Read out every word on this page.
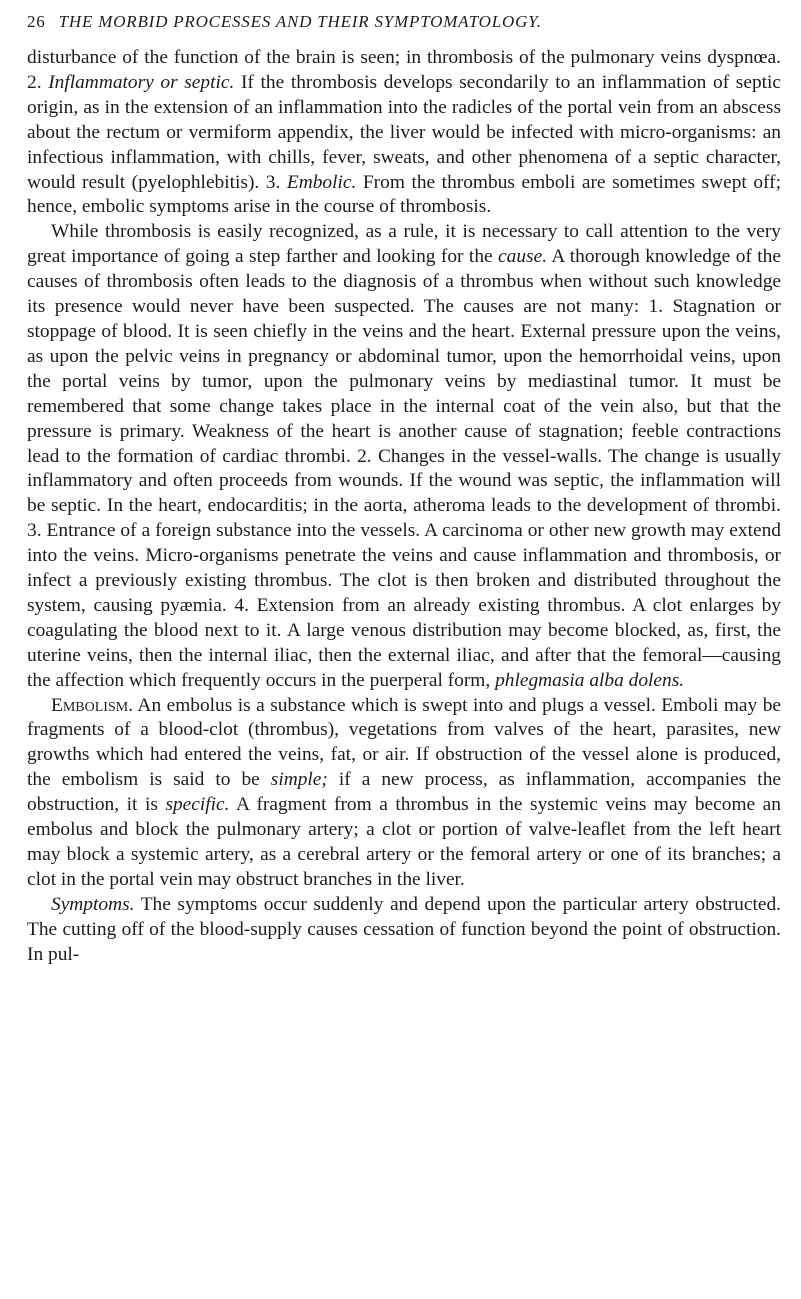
26 THE MORBID PROCESSES AND THEIR SYMPTOMATOLOGY.

disturbance of the function of the brain is seen; in thrombosis of the pulmonary veins dyspnœa. 2. Inflammatory or septic. If the thrombosis develops secondarily to an inflammation of septic origin, as in the extension of an inflammation into the radicles of the portal vein from an abscess about the rectum or vermiform appendix, the liver would be infected with micro-organisms: an infectious inflammation, with chills, fever, sweats, and other phenomena of a septic character, would result (pyelophlebitis). 3. Embolic. From the thrombus emboli are sometimes swept off; hence, embolic symptoms arise in the course of thrombosis.

While thrombosis is easily recognized, as a rule, it is necessary to call attention to the very great importance of going a step farther and looking for the cause. A thorough knowledge of the causes of thrombosis often leads to the diagnosis of a thrombus when without such knowledge its presence would never have been suspected. The causes are not many: 1. Stagnation or stoppage of blood. It is seen chiefly in the veins and the heart. External pressure upon the veins, as upon the pelvic veins in pregnancy or abdominal tumor, upon the hemorrhoidal veins, upon the portal veins by tumor, upon the pulmonary veins by mediastinal tumor. It must be remembered that some change takes place in the internal coat of the vein also, but that the pressure is primary. Weakness of the heart is another cause of stagnation; feeble contractions lead to the formation of cardiac thrombi. 2. Changes in the vessel-walls. The change is usually inflammatory and often proceeds from wounds. If the wound was septic, the inflammation will be septic. In the heart, endocarditis; in the aorta, atheroma leads to the development of thrombi. 3. Entrance of a foreign substance into the vessels. A carcinoma or other new growth may extend into the veins. Micro-organisms penetrate the veins and cause inflammation and thrombosis, or infect a previously existing thrombus. The clot is then broken and distributed throughout the system, causing pyæmia. 4. Extension from an already existing thrombus. A clot enlarges by coagulating the blood next to it. A large venous distribution may become blocked, as, first, the uterine veins, then the internal iliac, then the external iliac, and after that the femoral—causing the affection which frequently occurs in the puerperal form, phlegmasia alba dolens.

Embolism. An embolus is a substance which is swept into and plugs a vessel. Emboli may be fragments of a blood-clot (thrombus), vegetations from valves of the heart, parasites, new growths which had entered the veins, fat, or air. If obstruction of the vessel alone is produced, the embolism is said to be simple; if a new process, as inflammation, accompanies the obstruction, it is specific. A fragment from a thrombus in the systemic veins may become an embolus and block the pulmonary artery; a clot or portion of valve-leaflet from the left heart may block a systemic artery, as a cerebral artery or the femoral artery or one of its branches; a clot in the portal vein may obstruct branches in the liver.

Symptoms. The symptoms occur suddenly and depend upon the particular artery obstructed. The cutting off of the blood-supply causes cessation of function beyond the point of obstruction. In pul-
